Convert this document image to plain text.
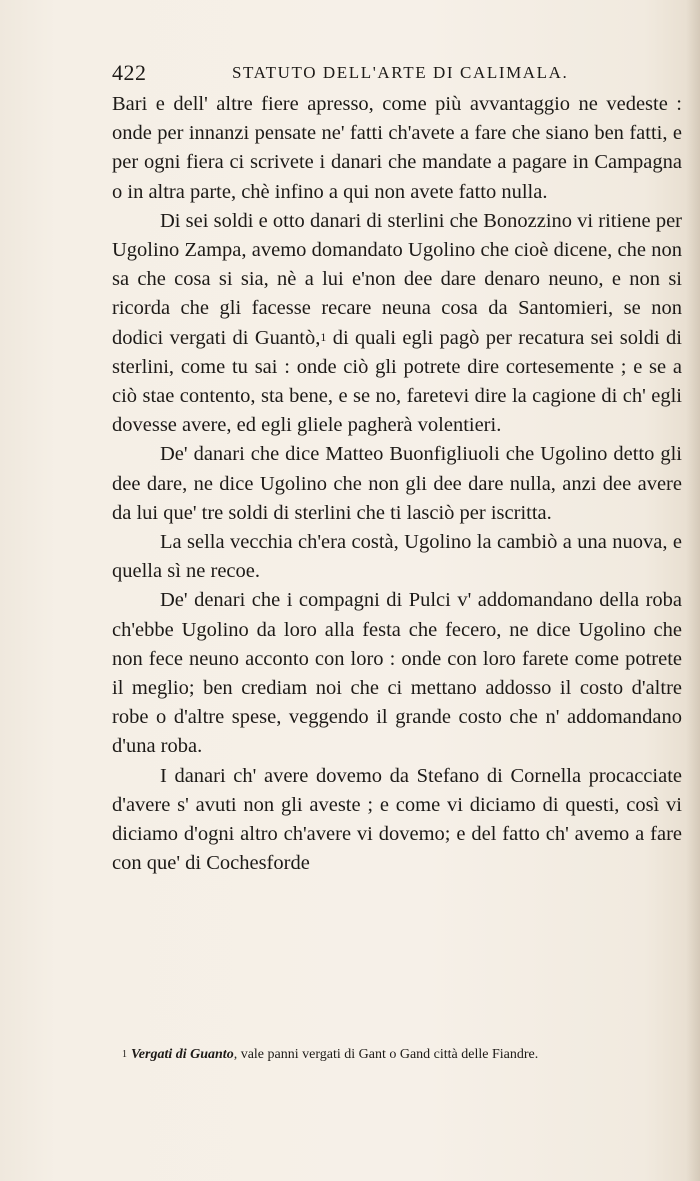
422	STATUTO DELL'ARTE DI CALIMALA.

Bari e dell' altre fiere apresso, come più avvantaggio ne vedeste : onde per innanzi pensate ne' fatti ch'avete a fare che siano ben fatti, e per ogni fiera ci scrivete i danari che mandate a pagare in Campagna o in altra parte, chè infino a qui non avete fatto nulla.

Di sei soldi e otto danari di sterlini che Bonozzino vi ritiene per Ugolino Zampa, avemo domandato Ugolino che cioè dicene, che non sa che cosa si sia, nè a lui e'non dee dare denaro neuno, e non si ricorda che gli facesse recare neuna cosa da Santomieri, se non dodici vergati di Guantò,$^1$ di quali egli pagò per recatura sei soldi di sterlini, come tu sai : onde ciò gli potrete dire cortesemente ; e se a ciò stae contento, sta bene, e se no, faretevi dire la cagione di ch' egli dovesse avere, ed egli gliele pagherà volentieri.

De' danari che dice Matteo Buonfigliuoli che Ugolino detto gli dee dare, ne dice Ugolino che non gli dee dare nulla, anzi dee avere da lui que' tre soldi di sterlini che ti lasciò per iscritta.

La sella vecchia ch'era costà, Ugolino la cambiò a una nuova, e quella sì ne recoe.

De' denari che i compagni di Pulci v' addomandano della roba ch'ebbe Ugolino da loro alla festa che fecero, ne dice Ugolino che non fece neuno acconto con loro : onde con loro farete come potrete il meglio; ben crediam noi che ci mettano addosso il costo d'altre robe o d'altre spese, veggendo il grande costo che n' addomandano d'una roba.

I danari ch' avere dovemo da Stefano di Cornella procacciate d'avere s' avuti non gli aveste ; e come vi diciamo di questi, così vi diciamo d'ogni altro ch'avere vi dovemo; e del fatto ch' avemo a fare con que' di Cochesforde

$^1$ Vergati di Guanto, vale panni vergati di Gant o Gand città delle Fiandre.
